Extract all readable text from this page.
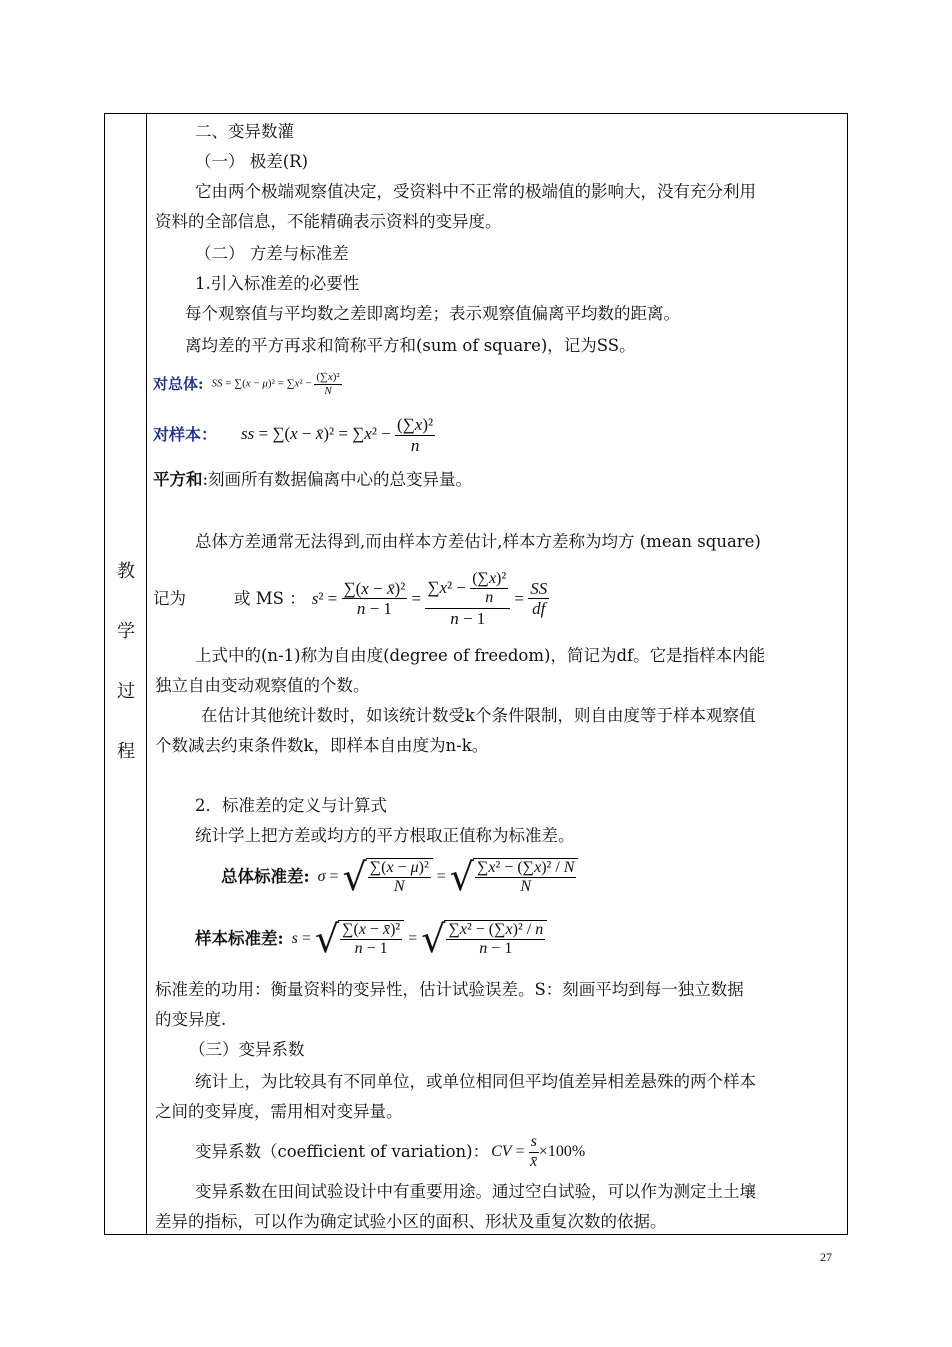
教
学
过
程
二、变异数灌
（一） 极差(R)
它由两个极端观察值决定，受资料中不正常的极端值的影响大，没有充分利用
资料的全部信息，不能精确表示资料的变异度。
（二） 方差与标准差
1.引入标准差的必要性
每个观察值与平均数之差即离均差；表示观察值偏离平均数的距离。
离均差的平方再求和简称平方和(sum of square)，记为SS。
对总体: SS = $\sum(x - \mu)^2 = \sum x^2 - \frac{\text{(∑x)²}}{N}$
对样本： ss = ∑(x − x̄)² = $\sum x^2 - \frac{\text{(∑x)²}}{n}$
平方和:刻画所有数据偏离中心的总变异量。
总体方差通常无法得到,而由样本方差估计,样本方差称为均方 (mean square)
记为	或 MS ： s ² =
∑(x − x̄)²
n − 1
=
$\sum x^2 - \frac{\text{(∑x)²}}{n}$
n − 1
=
SS
df
上式中的(n-1)称为自由度(degree of freedom)，简记为df。它是指样本内能
独立自由变动观察值的个数。
在估计其他统计数时，如该统计数受k个条件限制，则自由度等于样本观察值
个数减去约束条件数k，即样本自由度为n-k。
2．标准差的定义与计算式
统计学上把方差或均方的平方根取正值称为标准差。
总体标准差: σ = √ $\frac{\text{∑(x − μ)²}}{N}$ = √ $\frac{\text{∑x² − (∑x)² / N}}{N}$
样本标准差: s = √ $\frac{\text{∑(x − x̄)²}}{n - 1}$ = √ $\frac{\text{∑x² − (∑x)² / n}}{n - 1}$
标准差的功用：衡量资料的变异性，估计试验误差。S：刻画平均到每一独立数据
的变异度.
（三）变异系数
统计上，为比较具有不同单位，或单位相同但平均值差异相差悬殊的两个样本
之间的变异度，需用相对变异量。
变异系数（coefficient of variation)： CV =
s
x̄
×100%
变异系数在田间试验设计中有重要用途。通过空白试验，可以作为测定土土壤
差异的指标，可以作为确定试验小区的面积、形状及重复次数的依据。
27
